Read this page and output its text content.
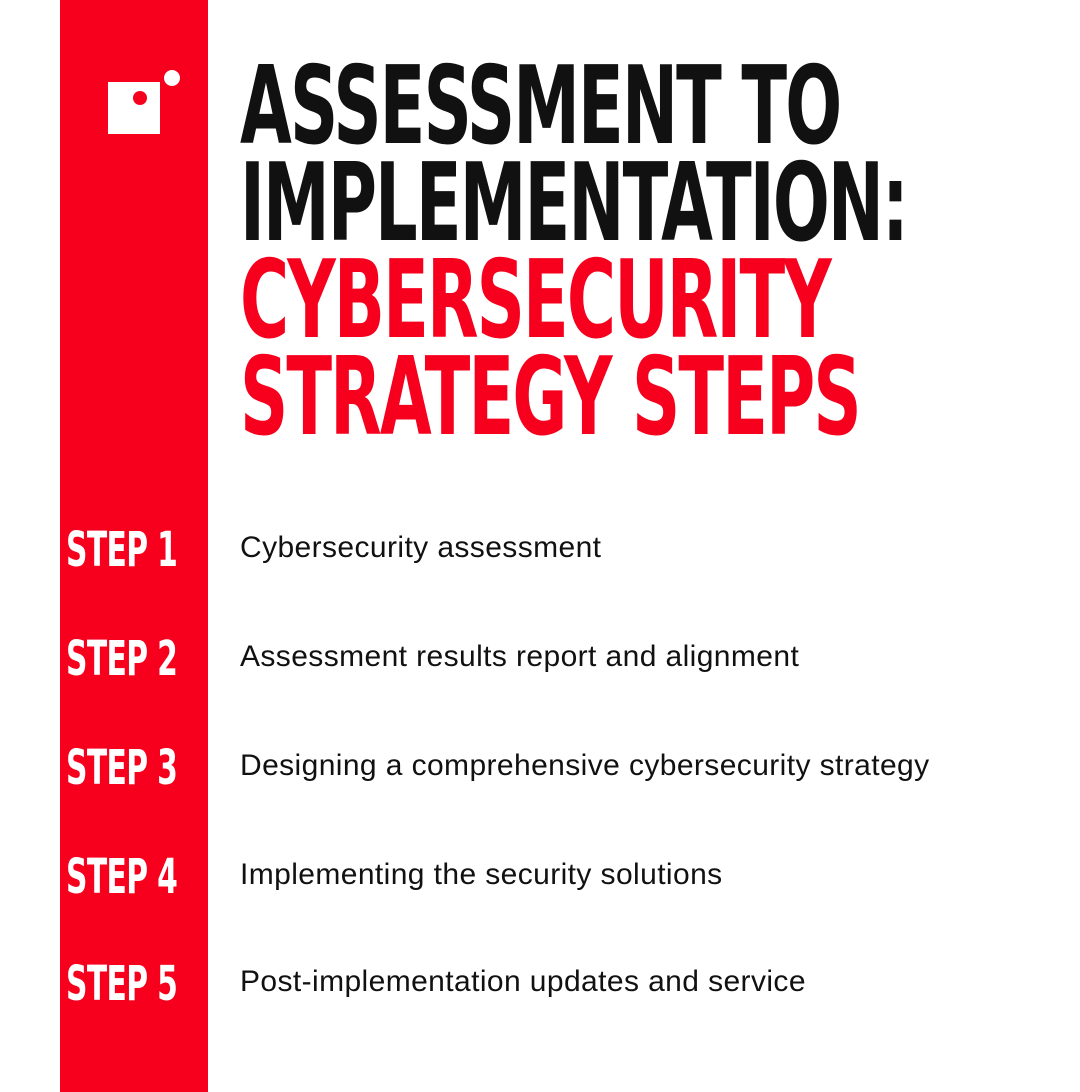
ASSESSMENT TO
IMPLEMENTATION:
CYBERSECURITY
STRATEGY STEPS
STEP 1	Cybersecurity assessment
STEP 2	Assessment results report and alignment
STEP 3	Designing a comprehensive cybersecurity strategy
STEP 4	Implementing the security solutions
STEP 5	Post-implementation updates and service
